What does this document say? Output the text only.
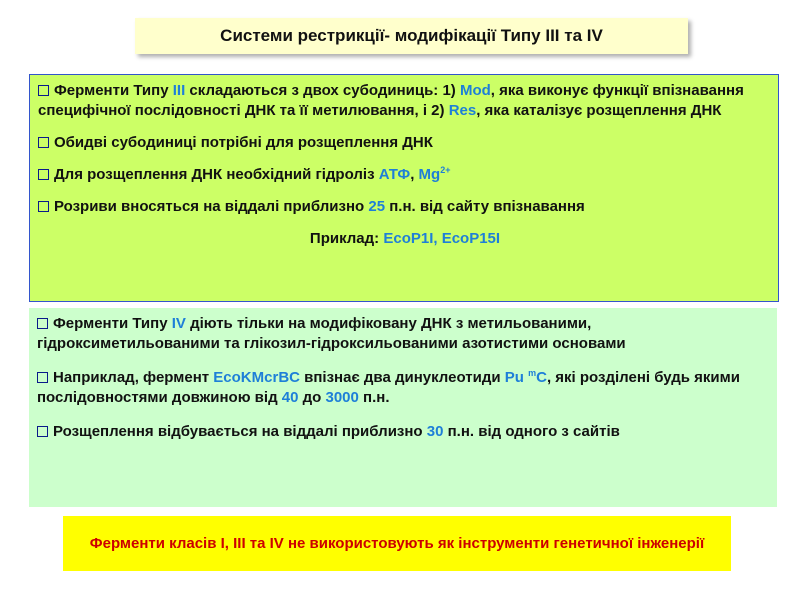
Системи рестрикції- модифікації Типу ІІІ та IV
Ферменти Типу ІІІ складаються з двох субодиниць: 1) Mod, яка виконує функції впізнавання специфічної послідовності ДНК та її метилювання, і 2) Res, яка каталізує розщеплення ДНК
Обидві субодиниці потрібні для розщеплення ДНК
Для розщеплення ДНК необхідний гідроліз АТФ, $Mg^{2+}$
Розриви вносяться на віддалі приблизно 25 п.н. від сайту впізнавання
Приклад: EcoP1I, EcoP15I
Ферменти Типу IV діють тільки на модифіковану ДНК з метильованими, гідроксиметильованими та глікозил-гідроксильованими азотистими основами
Наприклад, фермент EcoKMcrBC впізнає два динуклеотиди Pu $^m$C, які розділені будь якими послідовностями довжиною від 40 до 3000 п.н.
Розщеплення відбувається на віддалі приблизно 30 п.н. від одного з сайтів
Ферменти класів І, ІІІ та IV не використовують як інструменти генетичної інженерії
